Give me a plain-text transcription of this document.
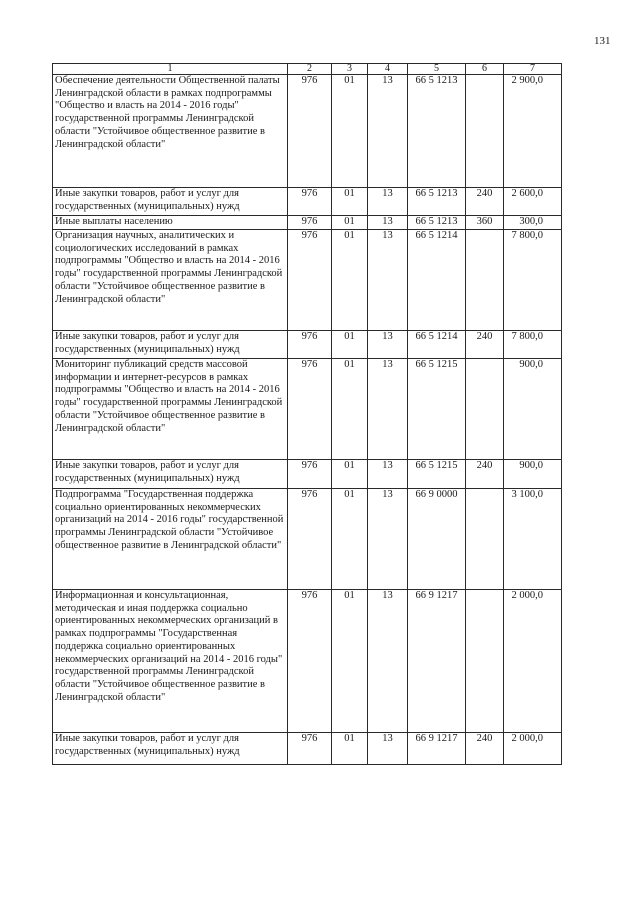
131
1	2	3	4	5	6	7
Обеспечение деятельности Общественной палаты Ленинградской области в рамках подпрограммы "Общество и власть на 2014 - 2016 годы" государственной программы Ленинградской области "Устойчивое общественное развитие в Ленинградской области"	976	01	13	66 5 1213		2 900,0
Иные закупки товаров, работ и услуг для государственных (муниципальных) нужд	976	01	13	66 5 1213	240	2 600,0
Иные выплаты населению	976	01	13	66 5 1213	360	300,0
Организация научных, аналитических и социологических исследований в рамках подпрограммы "Общество и власть на 2014 - 2016 годы" государственной программы Ленинградской области "Устойчивое общественное развитие в Ленинградской области"	976	01	13	66 5 1214		7 800,0
Иные закупки товаров, работ и услуг для государственных (муниципальных) нужд	976	01	13	66 5 1214	240	7 800,0
Мониторинг публикаций средств массовой информации и интернет-ресурсов в рамках подпрограммы "Общество и власть на 2014 - 2016 годы" государственной программы Ленинградской области "Устойчивое общественное развитие в Ленинградской области"	976	01	13	66 5 1215		900,0
Иные закупки товаров, работ и услуг для государственных (муниципальных) нужд	976	01	13	66 5 1215	240	900,0
Подпрограмма "Государственная поддержка социально ориентированных некоммерческих организаций на 2014 - 2016 годы" государственной программы Ленинградской области "Устойчивое общественное развитие в Ленинградской области"	976	01	13	66 9 0000		3 100,0
Информационная и консультационная, методическая и иная поддержка социально ориентированных некоммерческих организаций в рамках подпрограммы "Государственная поддержка социально ориентированных некоммерческих организаций на 2014 - 2016 годы" государственной программы Ленинградской области "Устойчивое общественное развитие в Ленинградской области"	976	01	13	66 9 1217		2 000,0
Иные закупки товаров, работ и услуг для государственных (муниципальных) нужд	976	01	13	66 9 1217	240	2 000,0
